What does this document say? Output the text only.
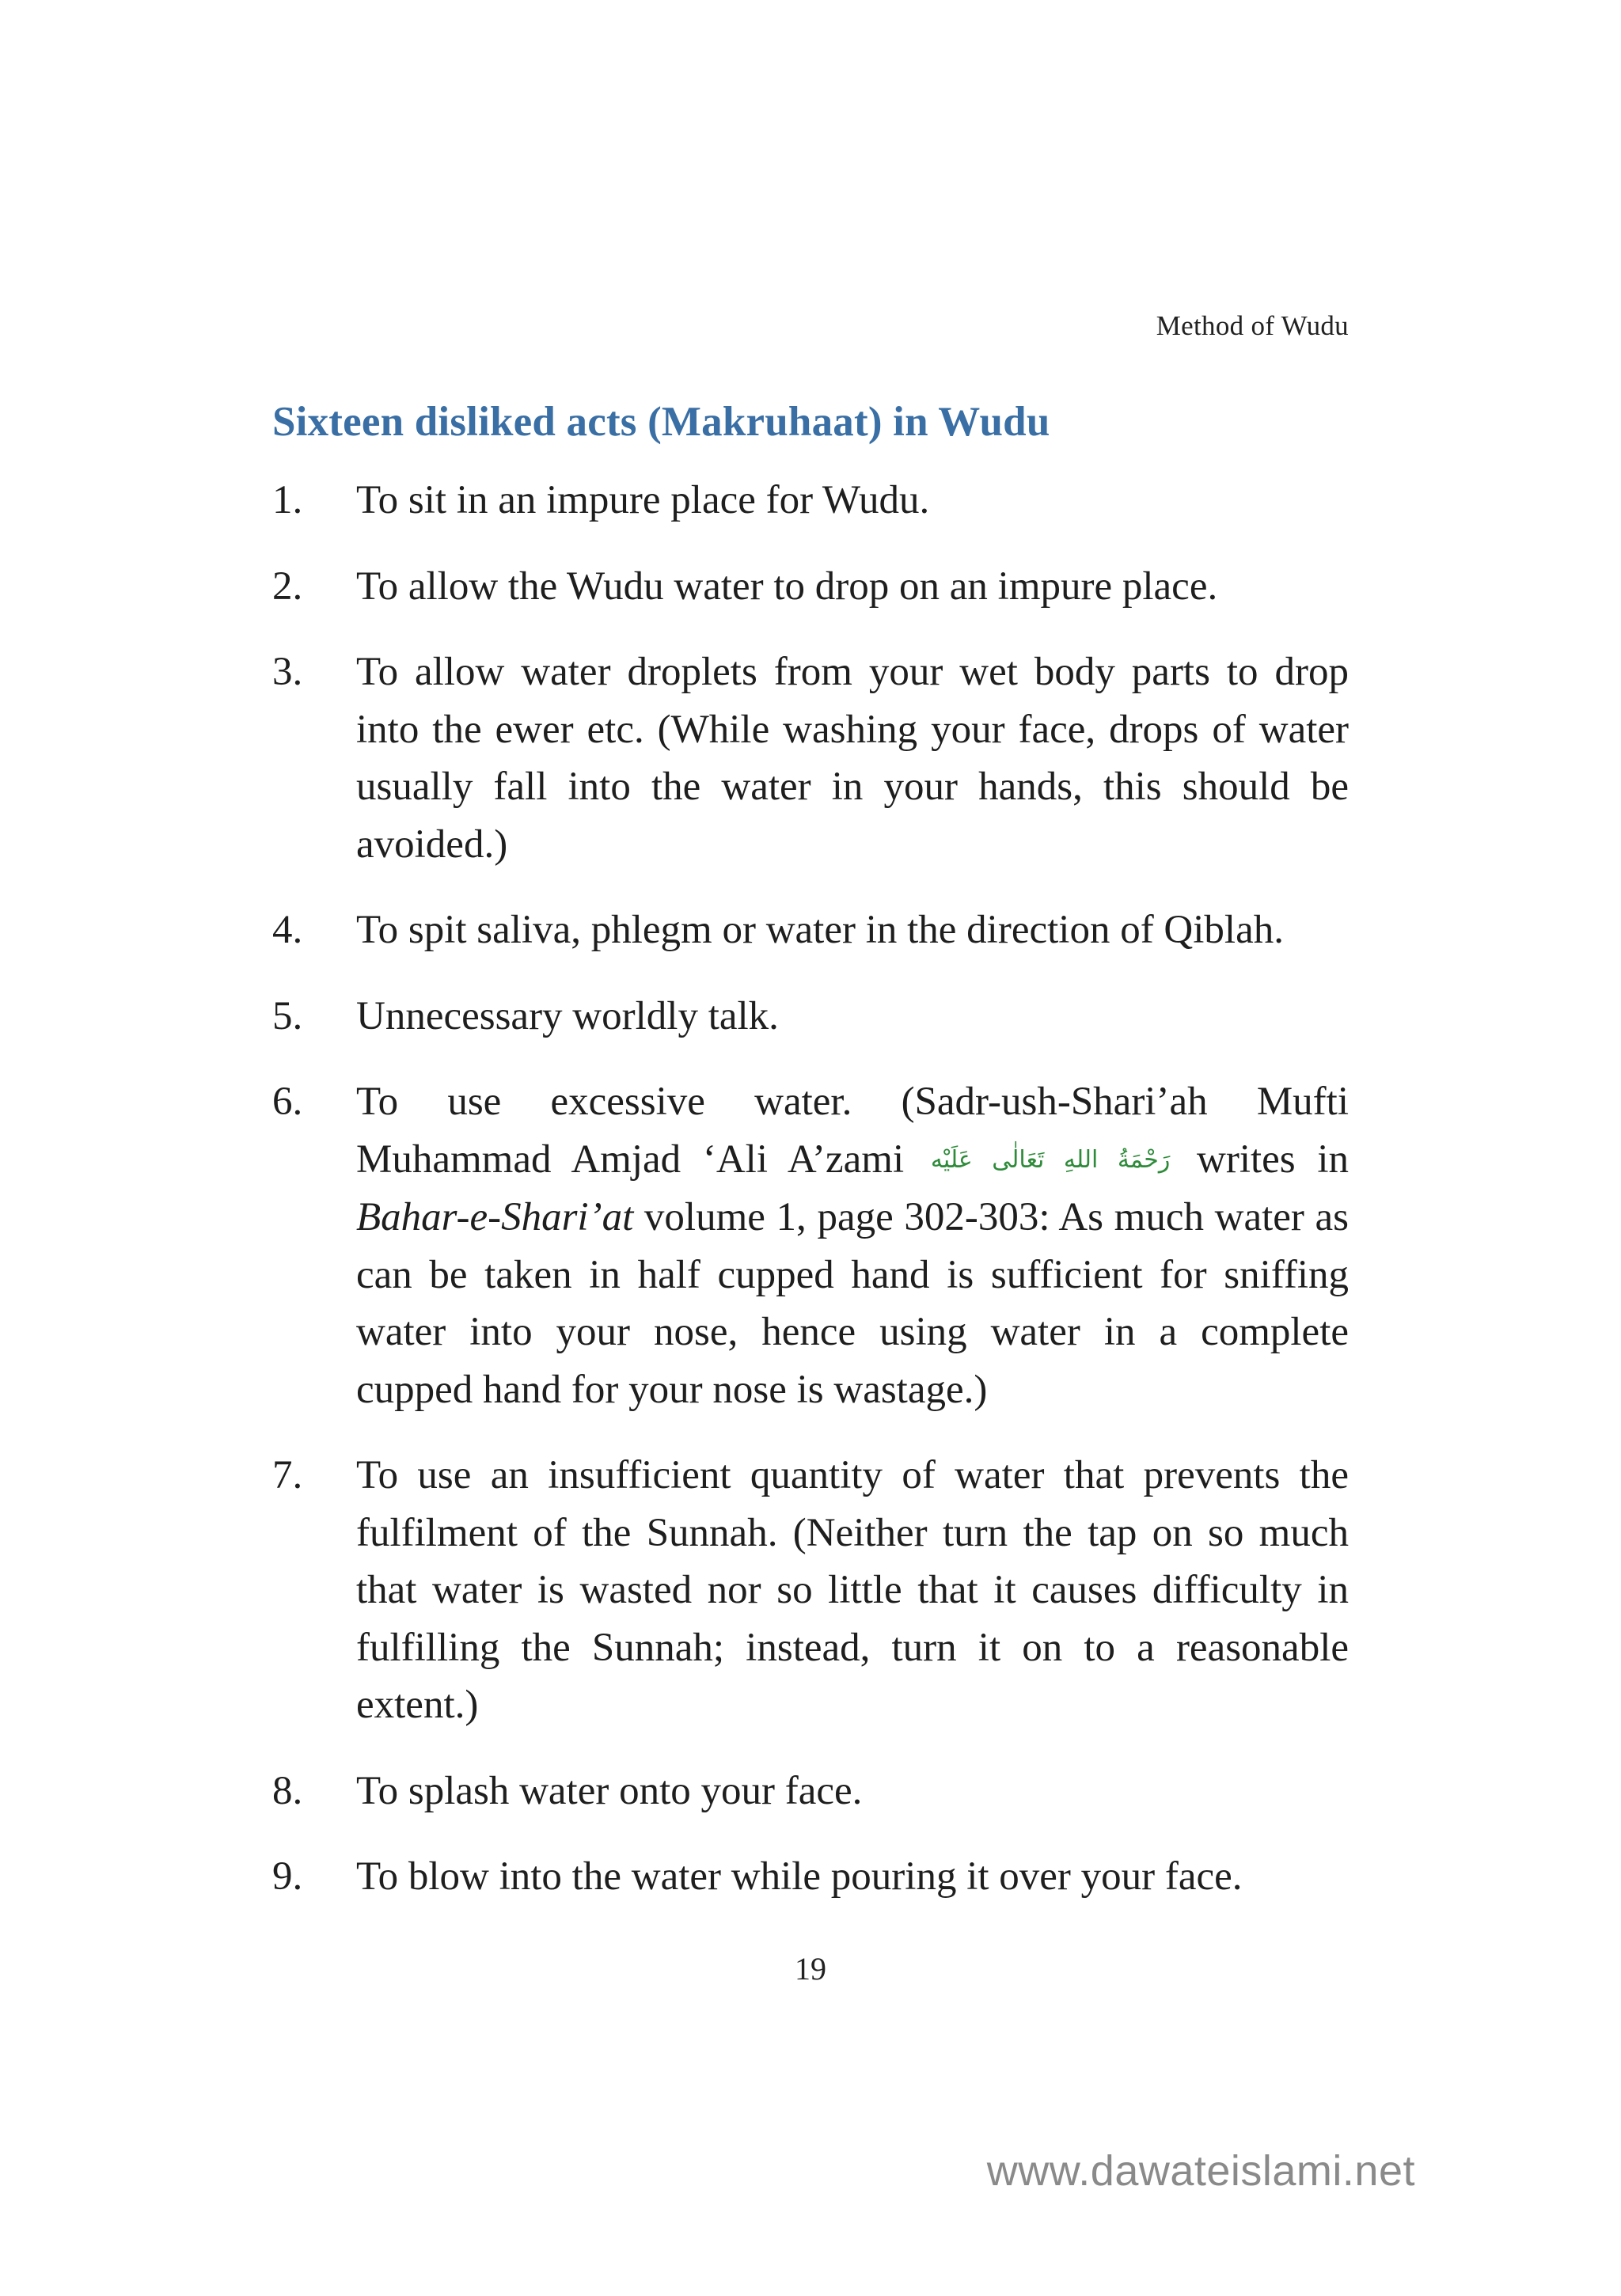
Method of Wudu
Sixteen disliked acts (Makruhaat) in Wudu
1. To sit in an impure place for Wudu.
2. To allow the Wudu water to drop on an impure place.
3. To allow water droplets from your wet body parts to drop into the ewer etc. (While washing your face, drops of water usually fall into the water in your hands, this should be avoided.)
4. To spit saliva, phlegm or water in the direction of Qiblah.
5. Unnecessary worldly talk.
6. To use excessive water. (Sadr-ush-Shari’ah Mufti Muhammad Amjad ‘Ali A’zami رَحْمَةُ اللهِ تَعَالٰی عَلَیْه writes in Bahar-e-Shari’at volume 1, page 302-303: As much water as can be taken in half cupped hand is sufficient for sniffing water into your nose, hence using water in a complete cupped hand for your nose is wastage.)
7. To use an insufficient quantity of water that prevents the fulfilment of the Sunnah. (Neither turn the tap on so much that water is wasted nor so little that it causes difficulty in fulfilling the Sunnah; instead, turn it on to a reasonable extent.)
8. To splash water onto your face.
9. To blow into the water while pouring it over your face.
19
www.dawateislami.net
